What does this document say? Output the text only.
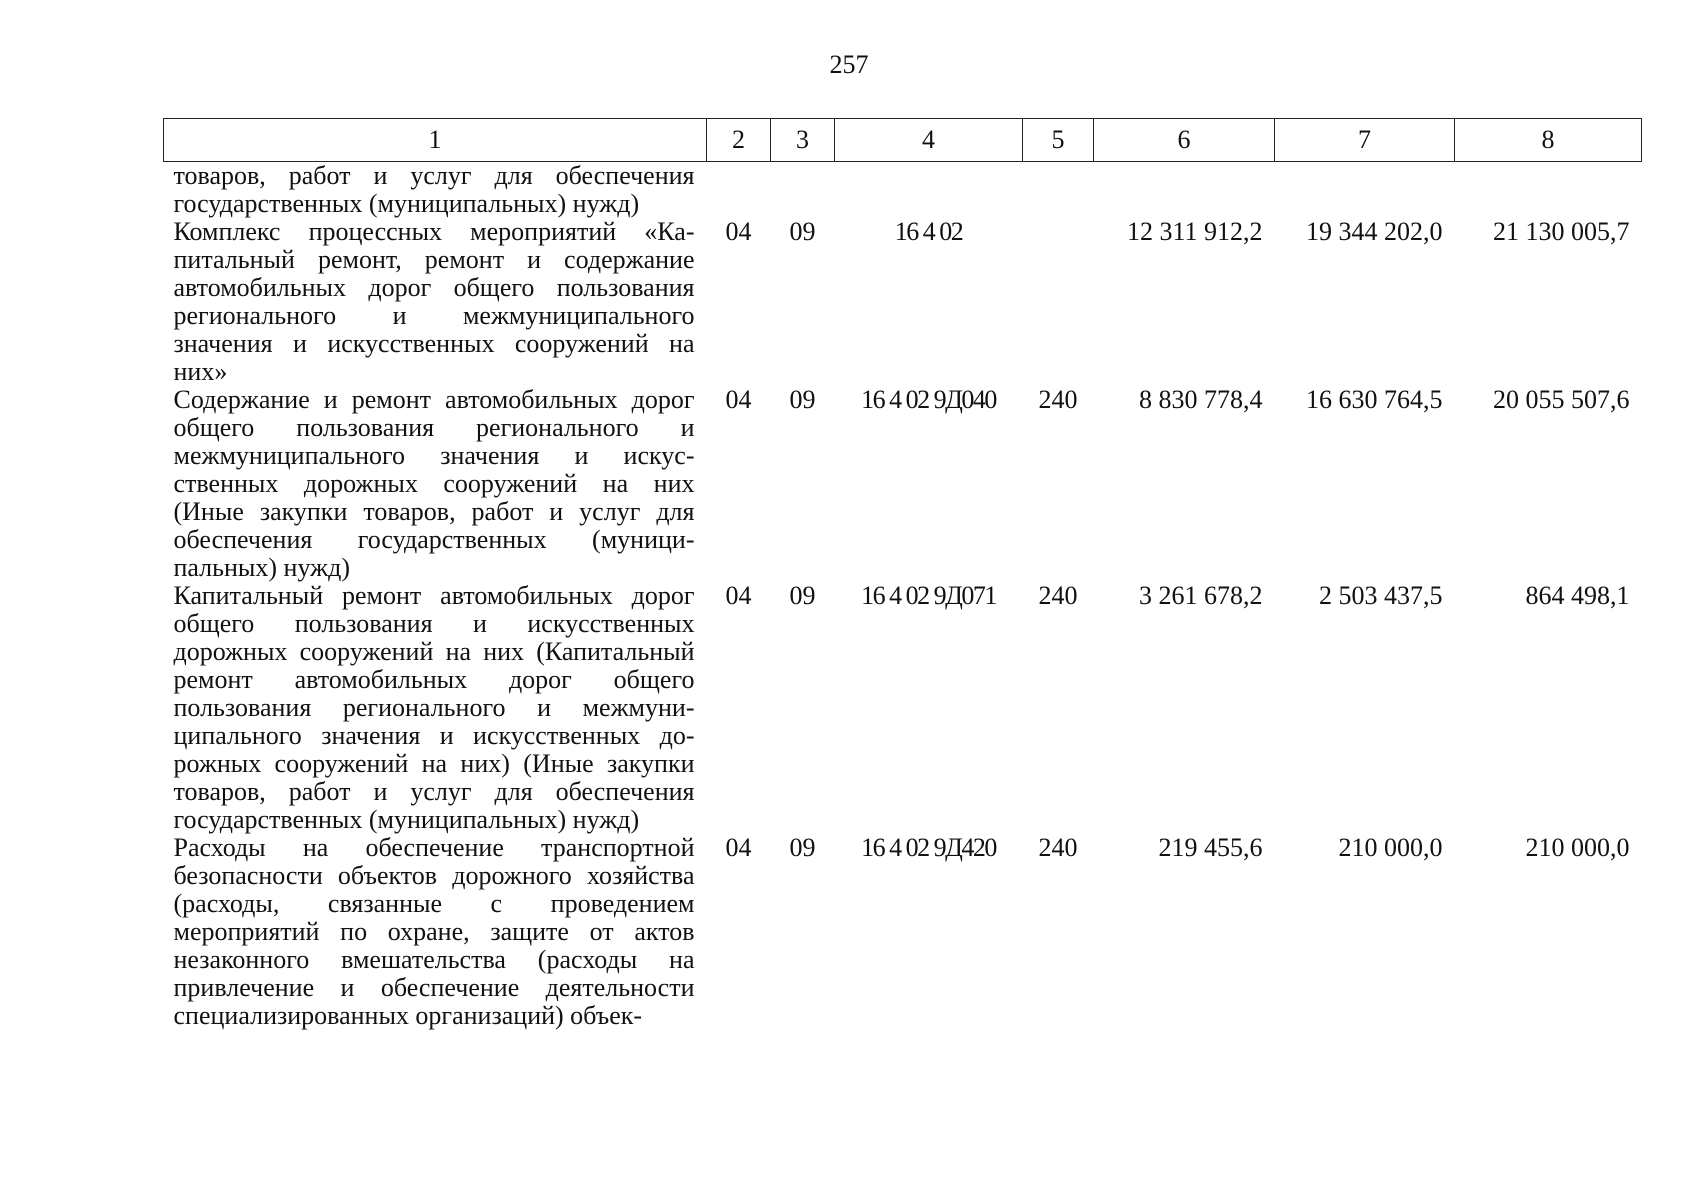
257
1	2	3	4	5	6	7	8
товаров, работ и услуг для обеспечения государственных (муниципальных) нужд)							
Комплекс процессных мероприятий «Капитальный ремонт, ремонт и содержание автомобильных дорог общего пользования регионального и межмуниципального значения и искусственных сооружений на них»	04	09	16 4 02		12 311 912,2	19 344 202,0	21 130 005,7
Содержание и ремонт автомобильных дорог общего пользования регионального и межмуниципального значения и искусственных дорожных сооружений на них (Иные закупки товаров, работ и услуг для обеспечения государственных (муниципальных) нужд)	04	09	16 4 02 9Д040	240	8 830 778,4	16 630 764,5	20 055 507,6
Капитальный ремонт автомобильных дорог общего пользования и искусственных дорожных сооружений на них (Капитальный ремонт автомобильных дорог общего пользования регионального и межмуниципального значения и искусственных дорожных сооружений на них) (Иные закупки товаров, работ и услуг для обеспечения государственных (муниципальных) нужд)	04	09	16 4 02 9Д071	240	3 261 678,2	2 503 437,5	864 498,1
Расходы на обеспечение транспортной безопасности объектов дорожного хозяйства (расходы, связанные с проведением мероприятий по охране, защите от актов незаконного вмешательства (расходы на привлечение и обеспечение деятельности специализированных организаций) объек-	04	09	16 4 02 9Д420	240	219 455,6	210 000,0	210 000,0
